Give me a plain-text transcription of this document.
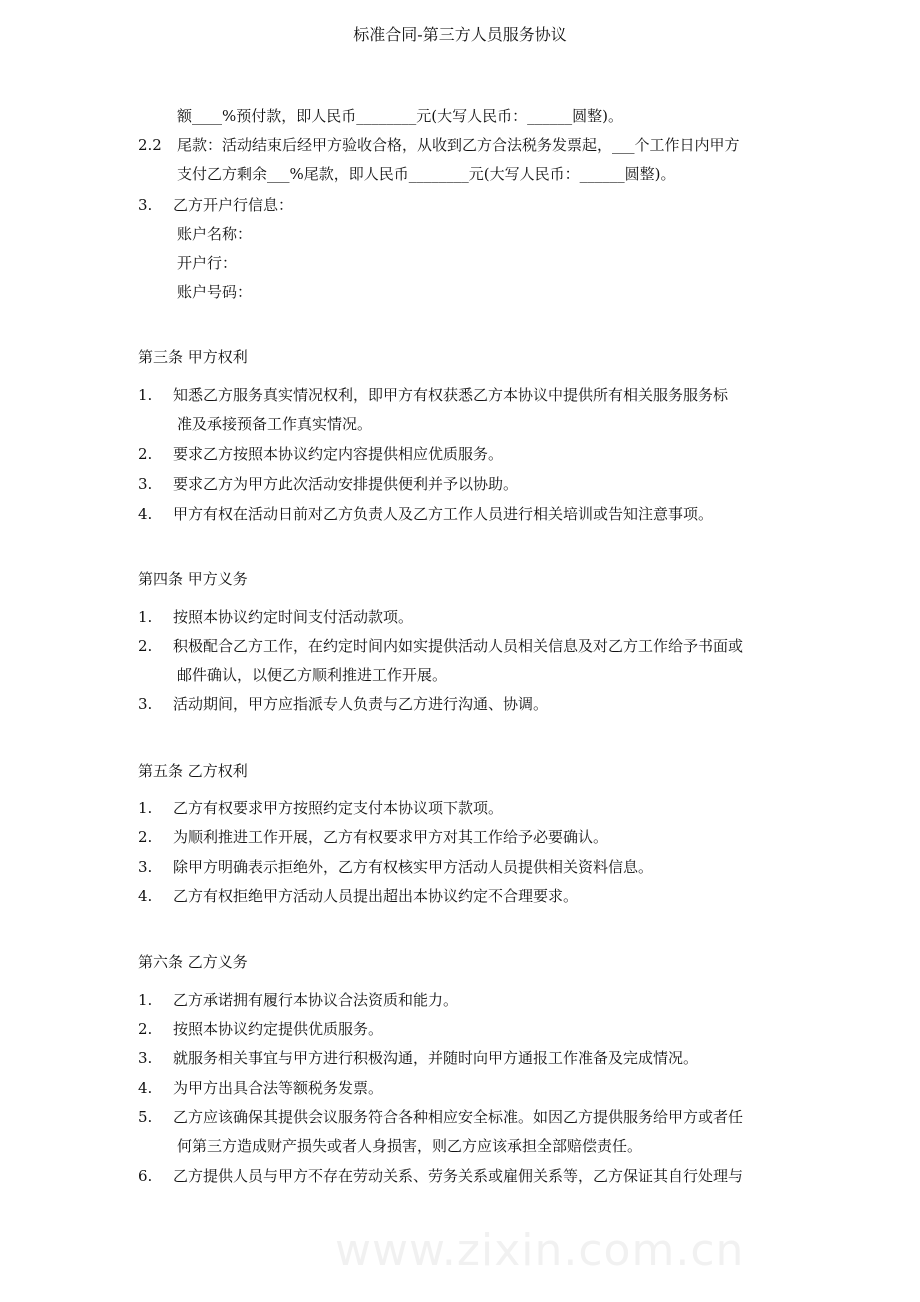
www.zixin.com.cn
标准合同-第三方人员服务协议
额____%预付款，即人民币________元(大写人民币：______圆整)。
2.2 尾款：活动结束后经甲方验收合格，从收到乙方合法税务发票起，___个工作日内甲方
支付乙方剩余___%尾款，即人民币________元(大写人民币：______圆整)。
3. 乙方开户行信息：
账户名称：
开户行：
账户号码：
第三条 甲方权利
1. 知悉乙方服务真实情况权利，即甲方有权获悉乙方本协议中提供所有相关服务服务标
准及承接预备工作真实情况。
2. 要求乙方按照本协议约定内容提供相应优质服务。
3. 要求乙方为甲方此次活动安排提供便利并予以协助。
4. 甲方有权在活动日前对乙方负责人及乙方工作人员进行相关培训或告知注意事项。
第四条 甲方义务
1. 按照本协议约定时间支付活动款项。
2. 积极配合乙方工作，在约定时间内如实提供活动人员相关信息及对乙方工作给予书面或
邮件确认，以便乙方顺利推进工作开展。
3. 活动期间，甲方应指派专人负责与乙方进行沟通、协调。
第五条 乙方权利
1. 乙方有权要求甲方按照约定支付本协议项下款项。
2. 为顺利推进工作开展，乙方有权要求甲方对其工作给予必要确认。
3. 除甲方明确表示拒绝外，乙方有权核实甲方活动人员提供相关资料信息。
4. 乙方有权拒绝甲方活动人员提出超出本协议约定不合理要求。
第六条 乙方义务
1. 乙方承诺拥有履行本协议合法资质和能力。
2. 按照本协议约定提供优质服务。
3. 就服务相关事宜与甲方进行积极沟通，并随时向甲方通报工作准备及完成情况。
4. 为甲方出具合法等额税务发票。
5. 乙方应该确保其提供会议服务符合各种相应安全标准。如因乙方提供服务给甲方或者任
何第三方造成财产损失或者人身损害，则乙方应该承担全部赔偿责任。
6. 乙方提供人员与甲方不存在劳动关系、劳务关系或雇佣关系等，乙方保证其自行处理与
